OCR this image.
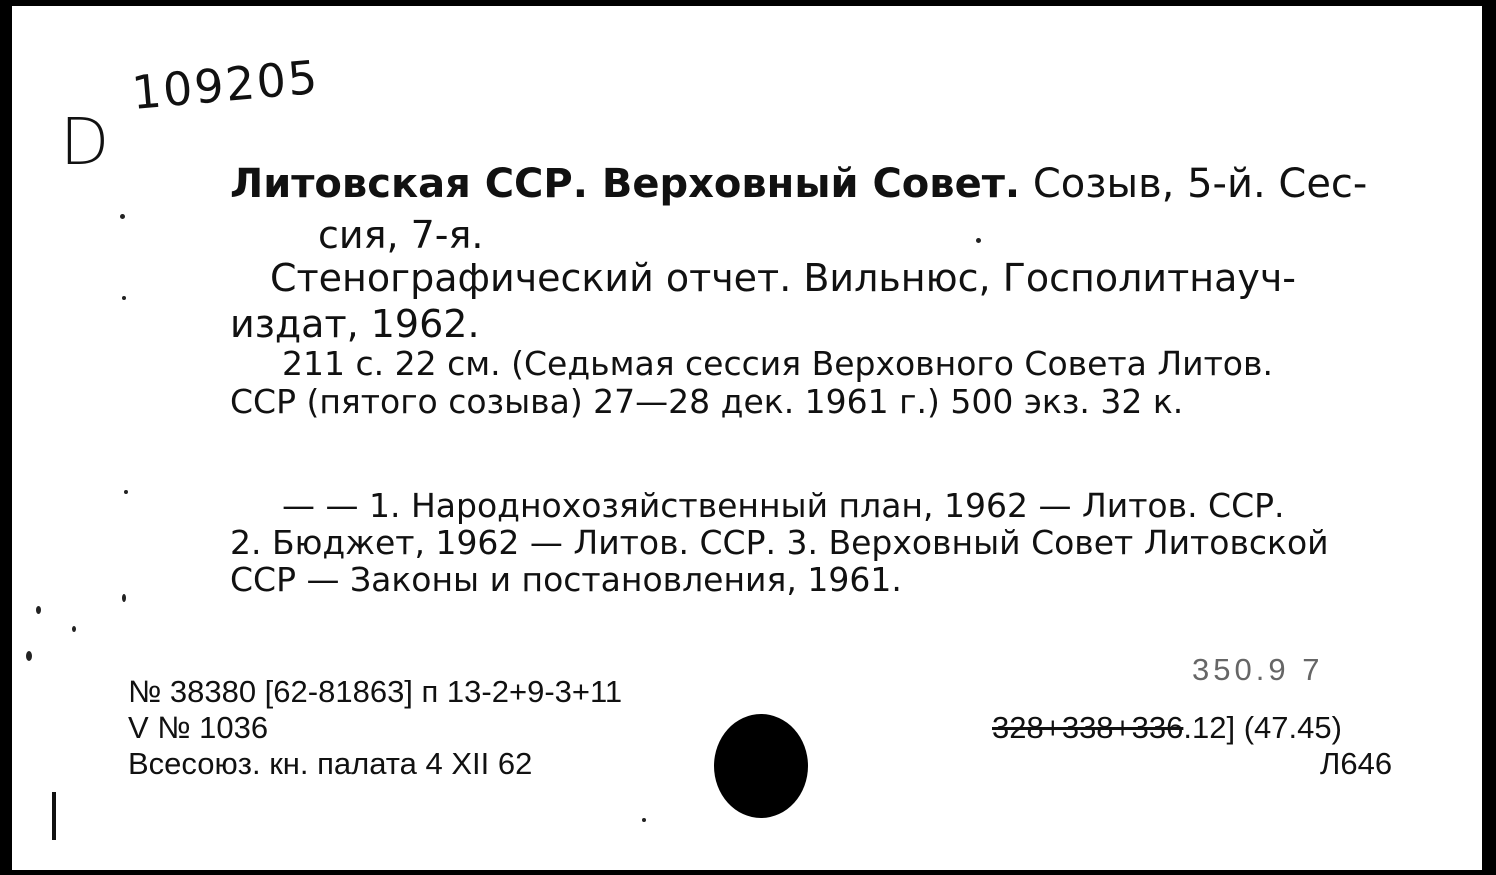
D
109205
Литовская ССР. Верховный Совет. Созыв, 5-й. Сес-
сия, 7-я.
Стенографический отчет. Вильнюс, Госполитнауч-
издат, 1962.
211 с. 22 см. (Седьмая сессия Верховного Совета Литов.
ССР (пятого созыва) 27—28 дек. 1961 г.) 500 экз. 32 к.
— — 1. Народнохозяйственный план, 1962 — Литов. ССР.
2. Бюджет, 1962 — Литов. ССР. 3. Верховный Совет Литовской
ССР — Законы и постановления, 1961.
№ 38380 [62-81863] п 13-2+9-3+11
V № 1036
Всесоюз. кн. палата 4 XII 62
350.9 7
328+338+336.12] (47.45)
Л646
